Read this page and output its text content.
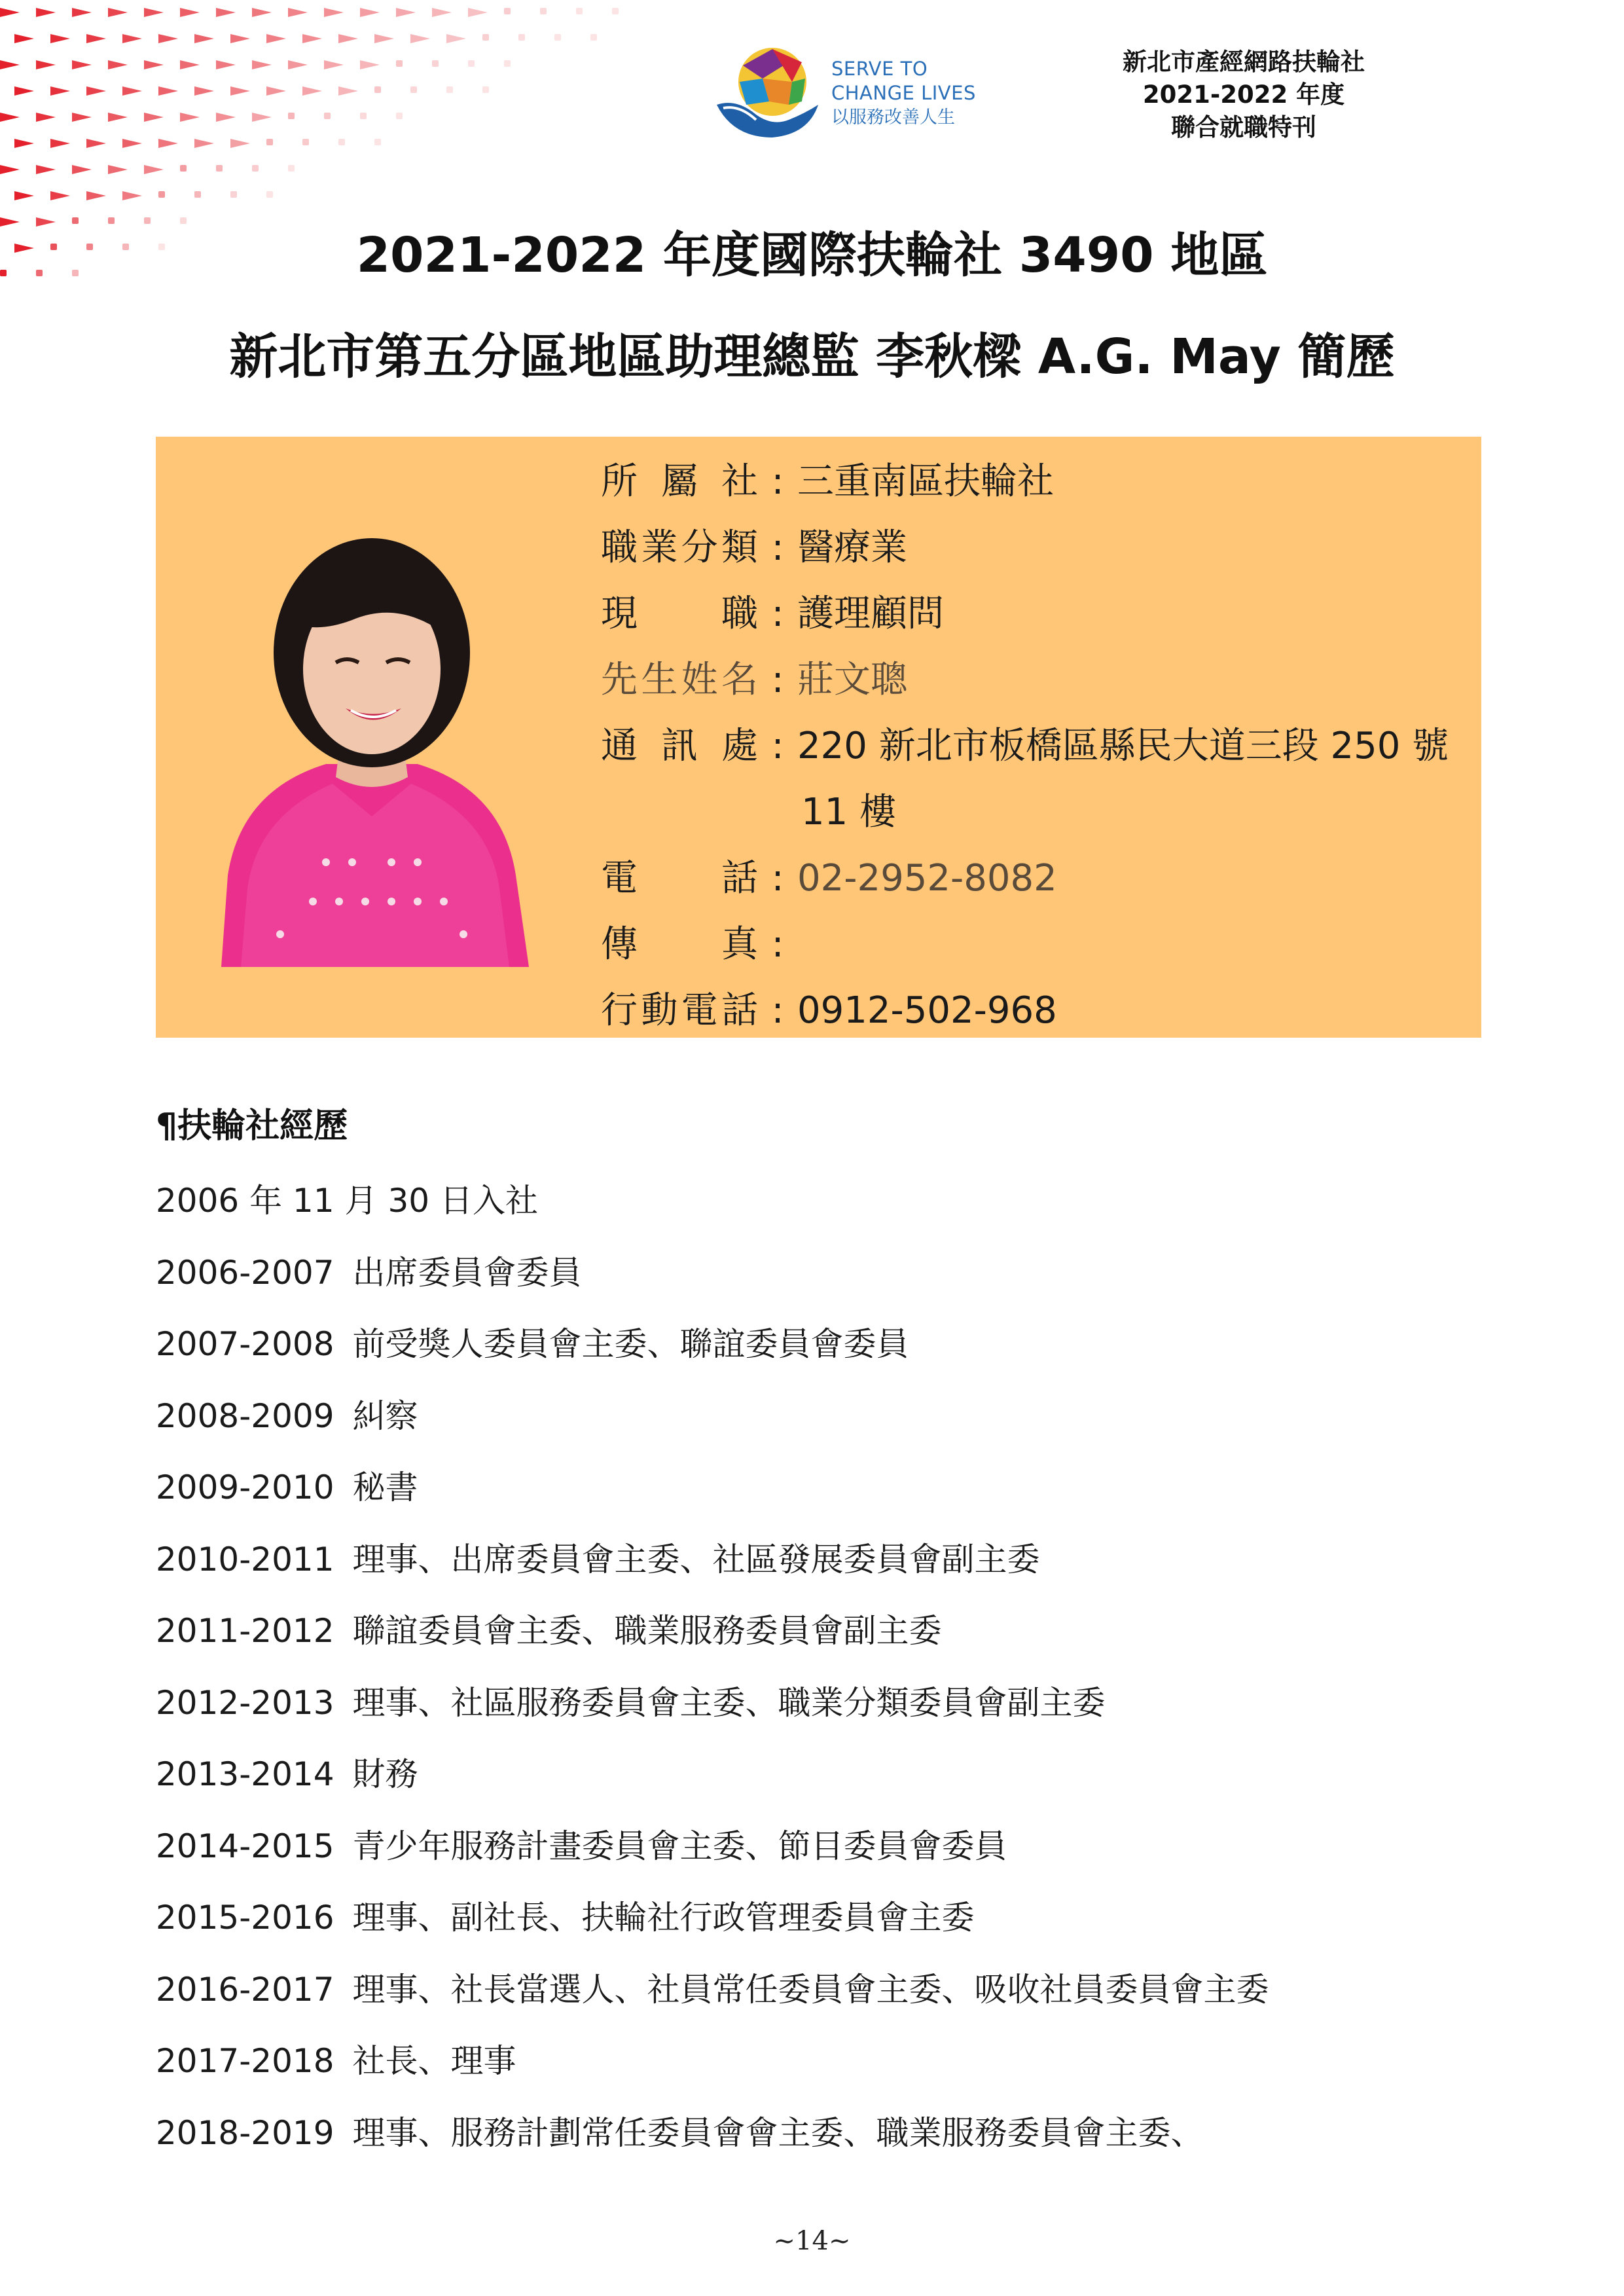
SERVE TO
CHANGE LIVES
以服務改善人生
新北市產經網路扶輪社
2021-2022 年度
聯合就職特刊
2021-2022 年度國際扶輪社 3490 地區
新北市第五分區地區助理總監 李秋樑 A.G. May 簡歷
所屬社 : 三重南區扶輪社
職業分類 : 醫療業
現職 : 護理顧問
先生姓名 : 莊文聰
通訊處 : 220 新北市板橋區縣民大道三段 250 號
11 樓
電話 : 02-2952-8082
傳真 :
行動電話 : 0912-502-968
¶扶輪社經歷
2006 年 11 月 30 日入社
2006-2007 出席委員會委員
2007-2008 前受獎人委員會主委、聯誼委員會委員
2008-2009 糾察
2009-2010 秘書
2010-2011 理事、出席委員會主委、社區發展委員會副主委
2011-2012 聯誼委員會主委、職業服務委員會副主委
2012-2013 理事、社區服務委員會主委、職業分類委員會副主委
2013-2014 財務
2014-2015 青少年服務計畫委員會主委、節目委員會委員
2015-2016 理事、副社長、扶輪社行政管理委員會主委
2016-2017 理事、社長當選人、社員常任委員會主委、吸收社員委員會主委
2017-2018 社長、理事
2018-2019 理事、服務計劃常任委員會會主委、職業服務委員會主委、
~14~
